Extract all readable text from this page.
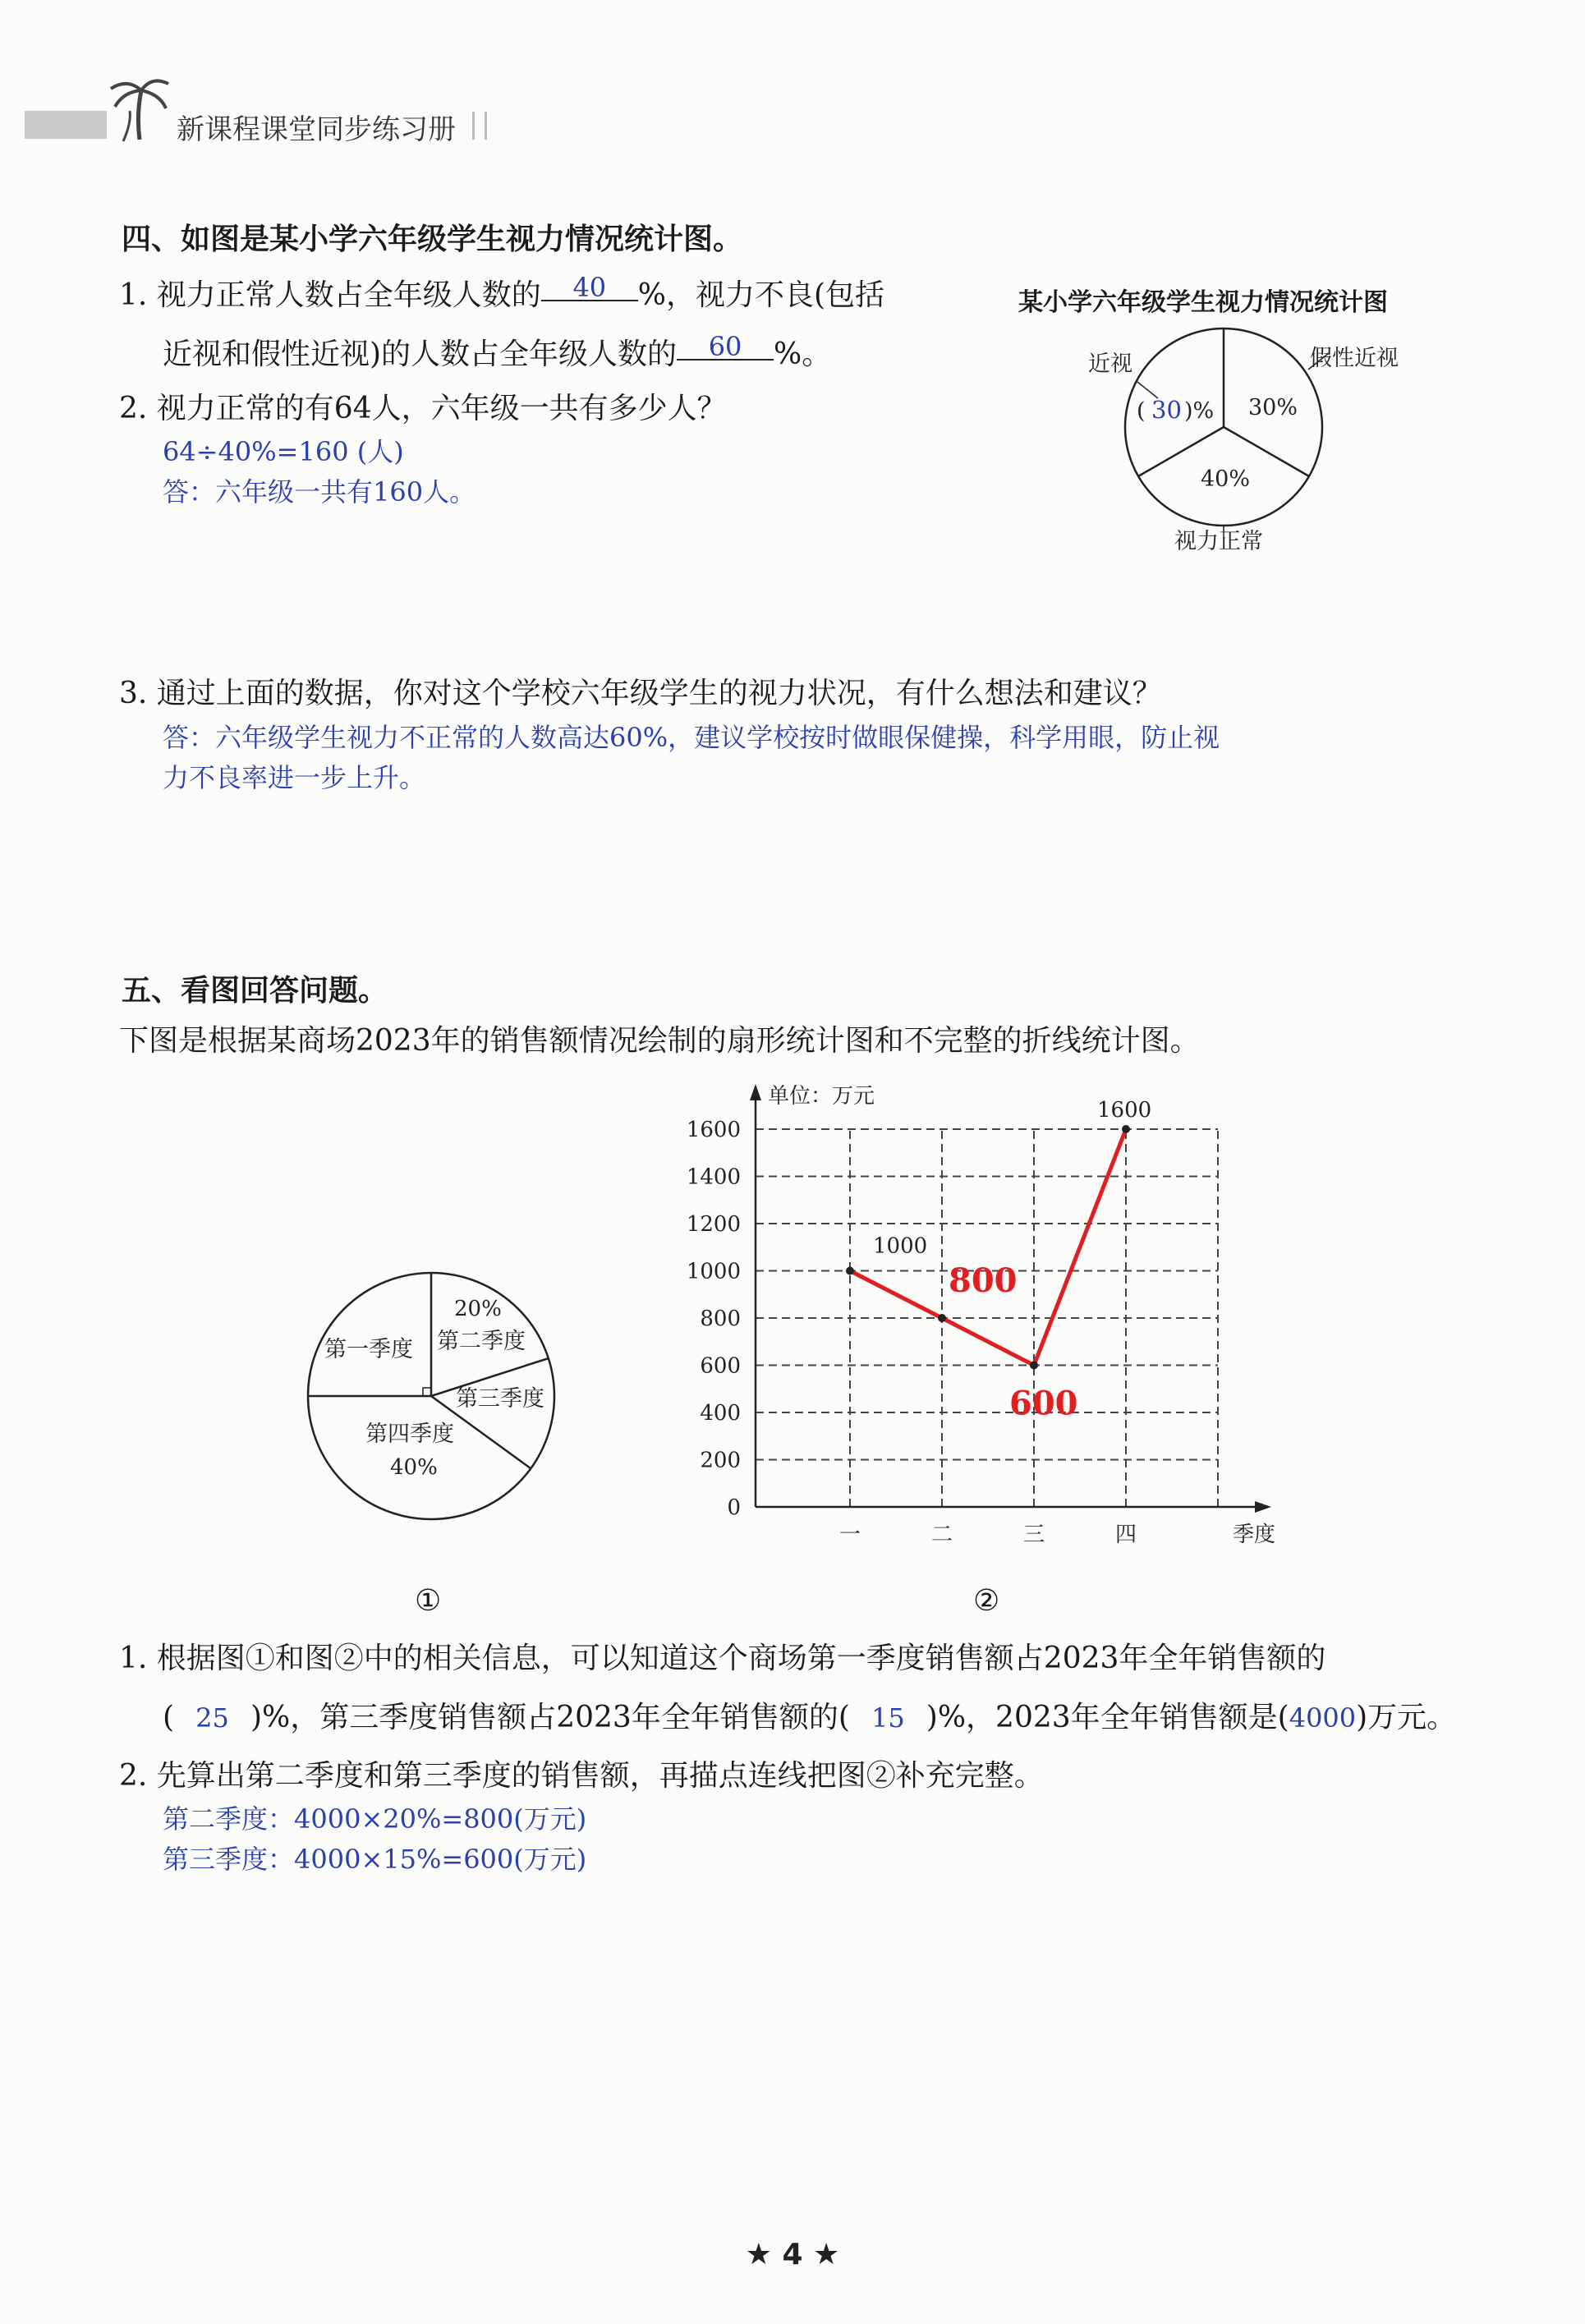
新课程课堂同步练习册
四、如图是某小学六年级学生视力情况统计图。
1. 视力正常人数占全年级人数的 40 %，视力不良(包括
近视和假性近视)的人数占全年级人数的 60 %。
2. 视力正常的有64人，六年级一共有多少人？
64÷40%=160 (人)
答：六年级一共有160人。
某小学六年级学生视力情况统计图
近视	假性近视
视力正常
( 30 )% 30%
40%
3. 通过上面的数据，你对这个学校六年级学生的视力状况，有什么想法和建议？
答：六年级学生视力不正常的人数高达60%，建议学校按时做眼保健操，科学用眼，防止视
力不良率进一步上升。
五、看图回答问题。
下图是根据某商场2023年的销售额情况绘制的扇形统计图和不完整的折线统计图。
第一季度
20%
第二季度
第三季度
第四季度
40%
0
200
400
600
800
1000
1200
1400
1600
一	二	三	四
单位：万元
季度
1000
800
600
1600
①	②
1. 根据图①和图②中的相关信息，可以知道这个商场第一季度销售额占2023年全年销售额的
( 25 )%，第三季度销售额占2023年全年销售额的( 15 )%，2023年全年销售额是(4000)万元。
2. 先算出第二季度和第三季度的销售额，再描点连线把图②补充完整。
第二季度：4000×20%=800(万元)
第三季度：4000×15%=600(万元)
★ 4 ★
